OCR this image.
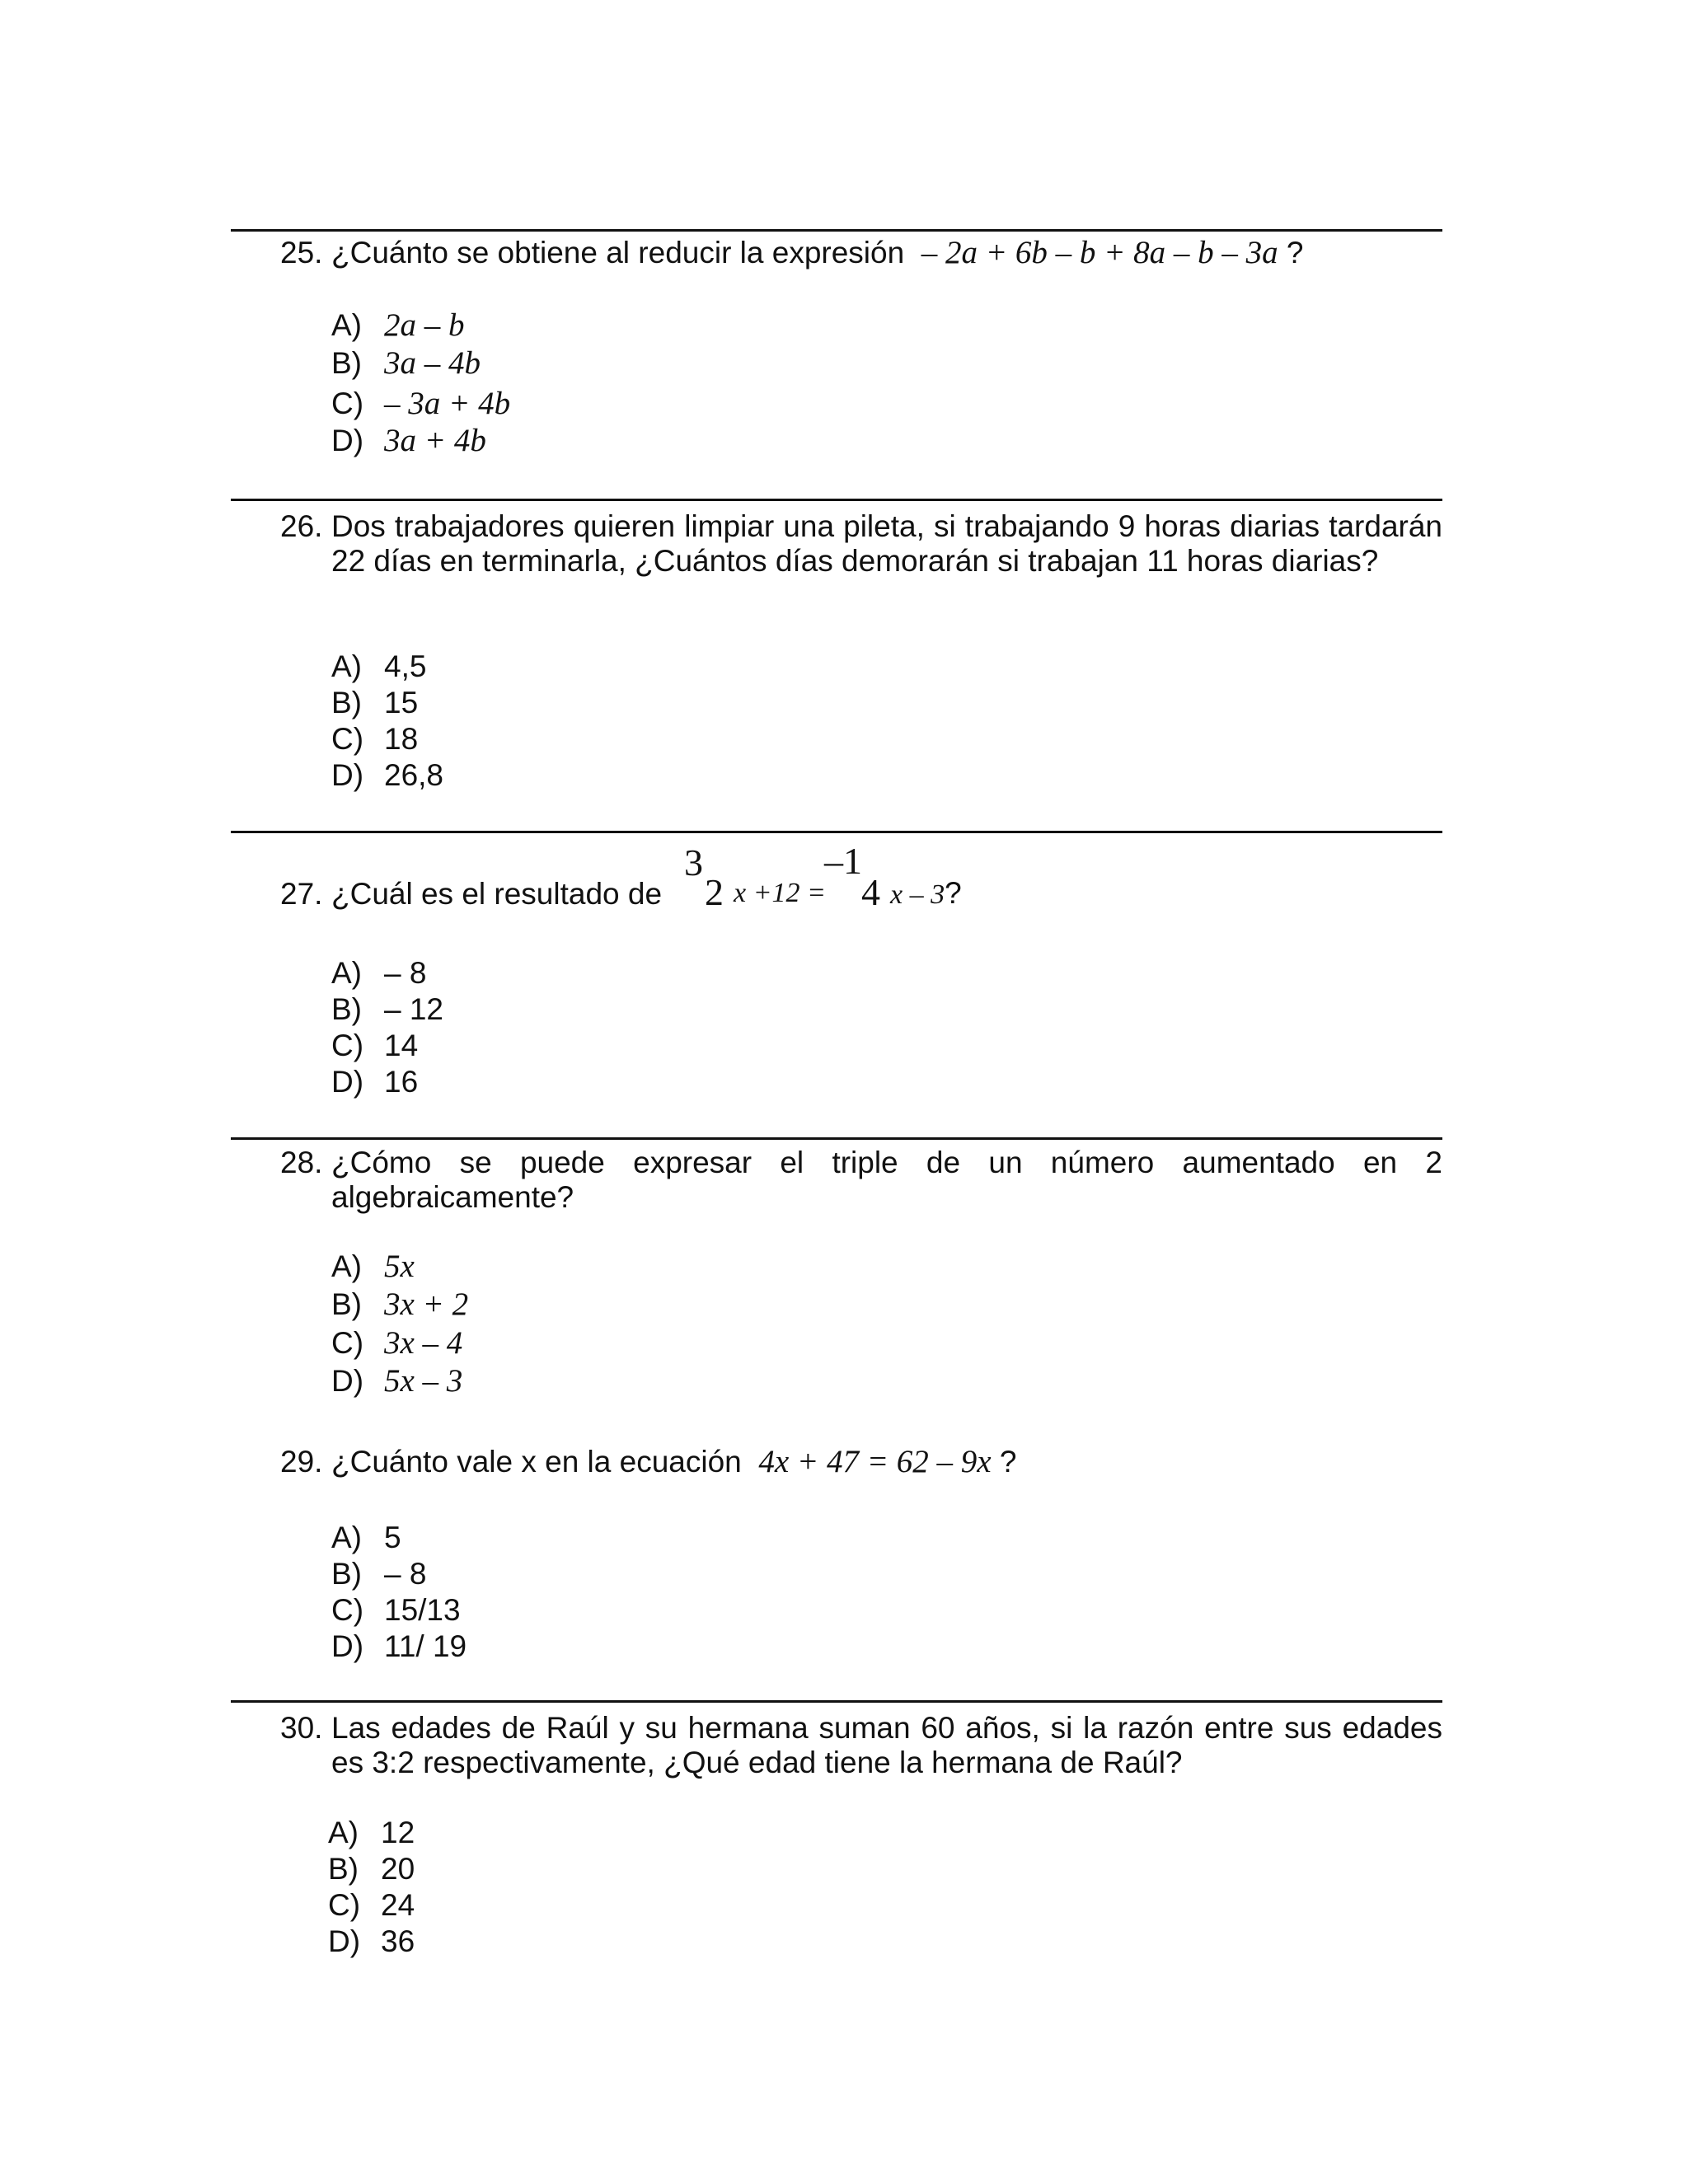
25. ¿Cuánto se obtiene al reducir la expresión – 2a + 6b – b + 8a – b – 3a ?
A) 2a – b
B) 3a – 4b
C) – 3a + 4b
D) 3a + 4b
26. Dos trabajadores quieren limpiar una pileta, si trabajando 9 horas diarias tardarán 22 días en terminarla, ¿Cuántos días demorarán si trabajan 11 horas diarias?
A) 4,5
B) 15
C) 18
D) 26,8
27. ¿Cuál es el resultado de
3
2 x +12 =
–1
4 x – 3?
A) – 8
B) – 12
C) 14
D) 16
28. ¿Cómo se puede expresar el triple de un número aumentado en 2 algebraicamente?
A) 5x
B) 3x + 2
C) 3x – 4
D) 5x – 3
29. ¿Cuánto vale x en la ecuación 4x + 47 = 62 – 9x ?
A) 5
B) – 8
C) 15/13
D) 11/ 19
30. Las edades de Raúl y su hermana suman 60 años, si la razón entre sus edades es 3:2 respectivamente, ¿Qué edad tiene la hermana de Raúl?
A) 12
B) 20
C) 24
D) 36
